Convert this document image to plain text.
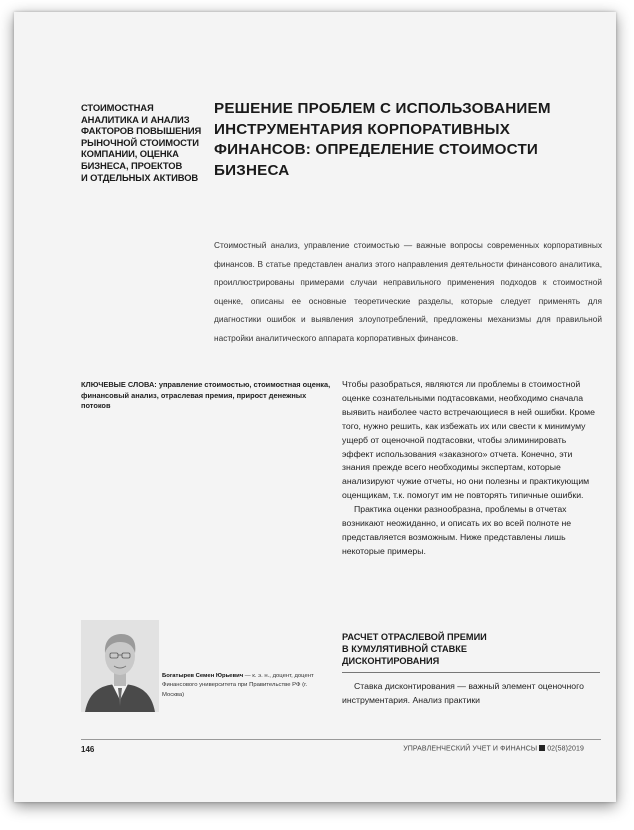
СТОИМОСТНАЯ
АНАЛИТИКА И АНАЛИЗ
ФАКТОРОВ ПОВЫШЕНИЯ
РЫНОЧНОЙ СТОИМОСТИ
КОМПАНИИ, ОЦЕНКА
БИЗНЕСА, ПРОЕКТОВ
И ОТДЕЛЬНЫХ АКТИВОВ
РЕШЕНИЕ ПРОБЛЕМ С ИСПОЛЬЗОВАНИЕМ
ИНСТРУМЕНТАРИЯ КОРПОРАТИВНЫХ
ФИНАНСОВ: ОПРЕДЕЛЕНИЕ СТОИМОСТИ
БИЗНЕСА
Стоимостный анализ, управление стоимостью — важные вопросы современных корпоративных финансов. В статье представлен анализ этого направления деятельности финансового аналитика, проиллюстрированы примерами случаи неправильного применения подходов к стоимостной оценке, описаны ее основные теоретические разделы, которые следует применять для диагностики ошибок и выявления злоупотреблений, предложены механизмы для правильной настройки аналитического аппарата корпоративных финансов.
КЛЮЧЕВЫЕ СЛОВА: управление стоимостью, стоимостная оценка, финансовый анализ, отраслевая премия, прирост денежных потоков

Чтобы разобраться, являются ли проблемы в стоимостной оценке сознательными подтасовками, необходимо сначала выявить наиболее часто встречающиеся в ней ошибки. Кроме того, нужно решить, как избежать их или свести к минимуму ущерб от оценочной подтасовки, чтобы элиминировать эффект использования «заказного» отчета. Конечно, эти знания прежде всего необходимы экспертам, которые анализируют чужие отчеты, но они полезны и практикующим оценщикам, т.к. помогут им не повторять типичные ошибки.

Практика оценки разнообразна, проблемы в отчетах возникают неожиданно, и описать их во всей полноте не представляется возможным. Ниже представлены лишь некоторые примеры.

Богатырев Семен Юрьевич — к. э. н., доцент, доцент Финансового университета при Правительстве РФ (г. Москва)
РАСЧЕТ ОТРАСЛЕВОЙ ПРЕМИИ
В КУМУЛЯТИВНОЙ СТАВКЕ
ДИСКОНТИРОВАНИЯ

Ставка дисконтирования — важный элемент оценочного инструментария. Анализ практики

146	УПРАВЛЕНЧЕСКИЙ УЧЕТ И ФИНАНСЫ 02(58)2019
